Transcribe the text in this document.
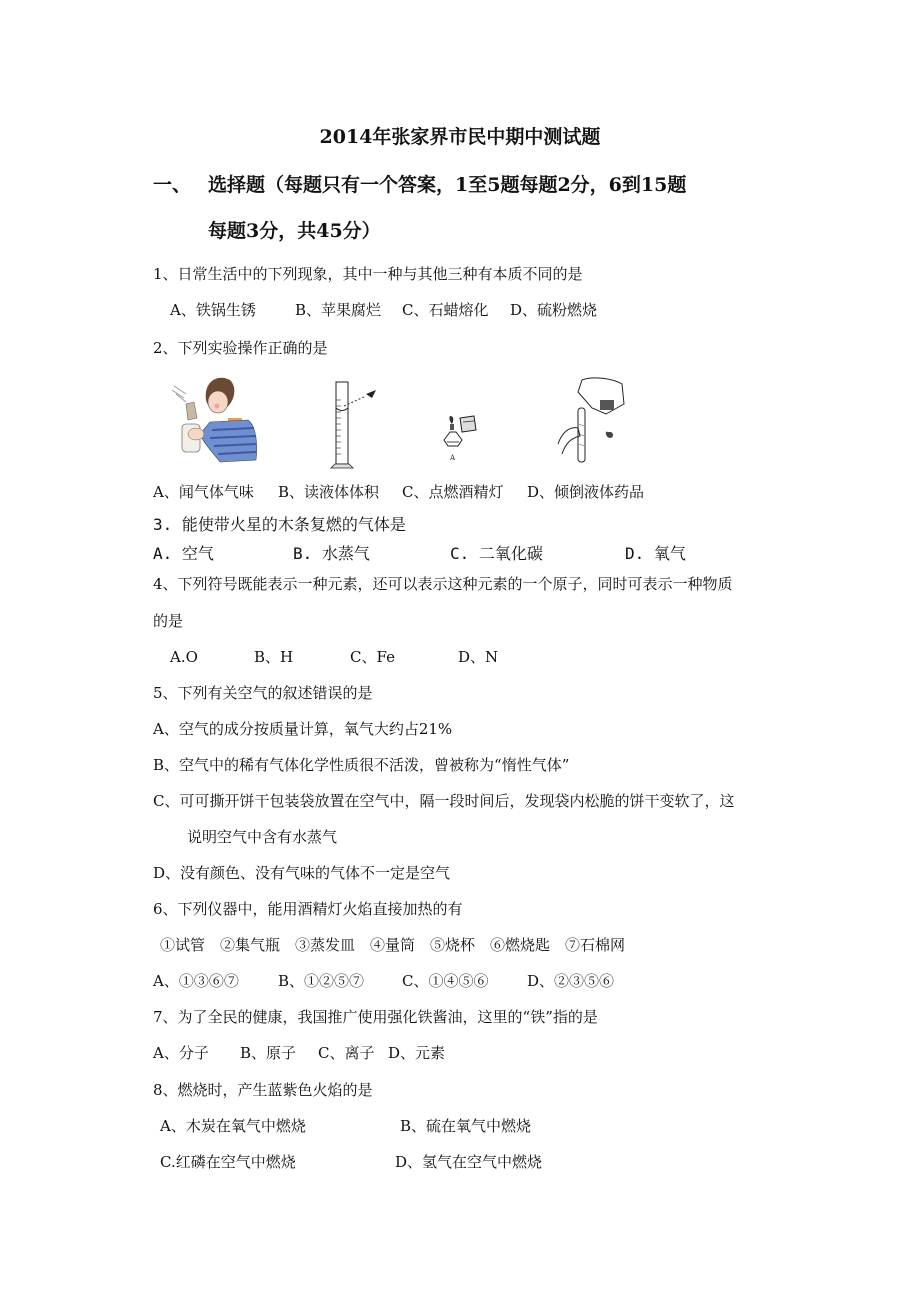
2014年张家界市民中期中测试题
一、 选择题（每题只有一个答案，1至5题每题2分，6到15题
每题3分，共45分）
1、日常生活中的下列现象，其中一种与其他三种有本质不同的是
A、铁锅生锈	B、苹果腐烂 C、石蜡熔化 D、硫粉燃烧
2、下列实验操作正确的是
A
A、闻气体气味 B、读液体体积 C、点燃酒精灯 D、倾倒液体药品
3. 能使带火星的木条复燃的气体是
A. 空气	B. 水蒸气	C. 二氧化碳	D. 氧气
4、下列符号既能表示一种元素，还可以表示这种元素的一个原子，同时可表示一种物质
的是
A.O	B、H	C、Fe	D、N
5、下列有关空气的叙述错误的是
A、空气的成分按质量计算，氧气大约占21%
B、空气中的稀有气体化学性质很不活泼，曾被称为“惰性气体”
C、可可撕开饼干包装袋放置在空气中，隔一段时间后，发现袋内松脆的饼干变软了，这
说明空气中含有水蒸气
D、没有颜色、没有气味的气体不一定是空气
6、下列仪器中，能用酒精灯火焰直接加热的有
①试管　②集气瓶　③蒸发皿　④量筒　⑤烧杯　⑥燃烧匙　⑦石棉网
A、①③⑥⑦	B、①②⑤⑦	C、①④⑤⑥	D、②③⑤⑥
7、为了全民的健康，我国推广使用强化铁酱油，这里的“铁”指的是
A、分子 B、原子 C、离子 D、元素
8、燃烧时，产生蓝紫色火焰的是
A、木炭在氧气中燃烧	B、硫在氧气中燃烧
C.红磷在空气中燃烧	D、氢气在空气中燃烧
